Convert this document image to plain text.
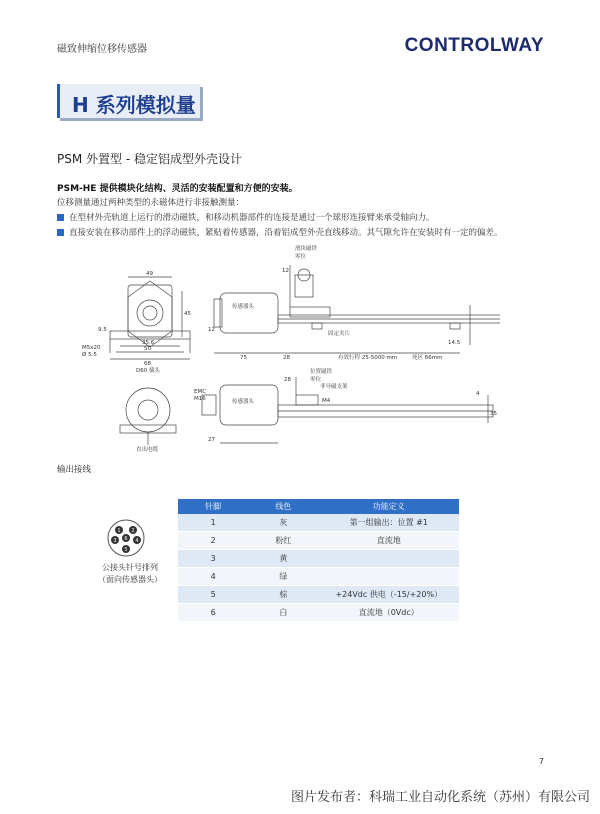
磁致伸缩位移传感器	CONTROLWAY
H 系列模拟量
PSM 外置型 - 稳定铝成型外壳设计
PSM-HE 提供模块化结构、灵活的安装配置和方便的安装。
位移测量通过两种类型的永磁体进行非接触测量：
在型材外壳轨道上运行的滑动磁铁，和移动机器部件的连接是通过一个球形连接臂来承受轴向力。
直接安装在移动部件上的浮动磁铁，紧贴着传感器，沿着铝成型外壳直线移动。其气隙允许在安装时有一定的偏差。
49
45
35.6
50
68
9.5
M5x20
Ø 5.5
D60 插头
直出电缆
传感器头
滑块磁铁
零位
12
12
固定夹片
75	28	有效行程 25-5000 mm	死区 66mm
14.5
EMC
M16	传感器头
位置磁铁
零位
非导磁支架
M4
28
27
35
4
输出接线
1 2
3	4
5
6
公接头针号排列
（面向传感器头）
针脚	线色	功能定义
1	灰	第一组输出：位置 #1
2	粉红	直流地
3	黄	
4	绿	
5	棕	+24Vdc 供电（-15/+20%）
6	白	直流地（0Vdc）
7
图片发布者：科瑞工业自动化系统（苏州）有限公司
